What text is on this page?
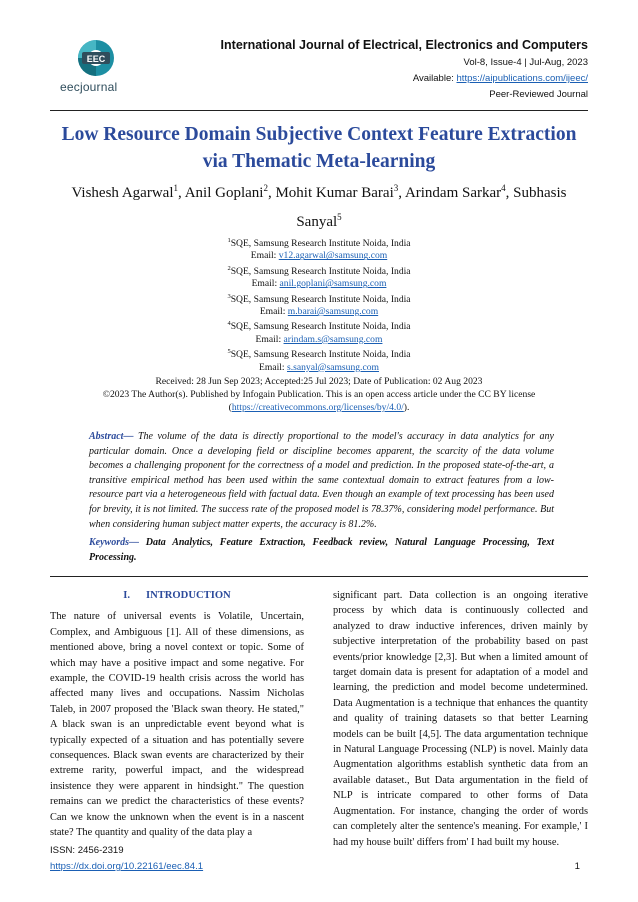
EEC
eecjournal
International Journal of Electrical, Electronics and Computers
Vol-8, Issue-4 | Jul-Aug, 2023
Available: https://aipublications.com/ijeec/
Peer-Reviewed Journal
Low Resource Domain Subjective Context Feature Extraction via Thematic Meta-learning
Vishesh Agarwal$^1$, Anil Goplani$^2$, Mohit Kumar Barai$^3$, Arindam Sarkar$^4$, Subhasis Sanyal$^5$
$^1$SQE, Samsung Research Institute Noida, India
Email: v12.agarwal@samsung.com
$^2$SQE, Samsung Research Institute Noida, India
Email: anil.goplani@samsung.com
$^3$SQE, Samsung Research Institute Noida, India
Email: m.barai@samsung.com
$^4$SQE, Samsung Research Institute Noida, India
Email: arindam.s@samsung.com
$^5$SQE, Samsung Research Institute Noida, India
Email: s.sanyal@samsung.com
Received: 28 Jun Sep 2023; Accepted:25 Jul 2023; Date of Publication: 02 Aug 2023
©2023 The Author(s). Published by Infogain Publication. This is an open access article under the CC BY license
(https://creativecommons.org/licenses/by/4.0/).
Abstract— The volume of the data is directly proportional to the model's accuracy in data analytics for any particular domain. Once a developing field or discipline becomes apparent, the scarcity of the data volume becomes a challenging proponent for the correctness of a model and prediction. In the proposed state-of-the-art, a transitive empirical method has been used within the same contextual domain to extract features from a low-resource part via a heterogeneous field with factual data. Even though an example of text processing has been used for brevity, it is not limited. The success rate of the proposed model is 78.37%, considering model performance. But when considering human subject matter experts, the accuracy is 81.2%.
Keywords— Data Analytics, Feature Extraction, Feedback review, Natural Language Processing, Text Processing.
I.      INTRODUCTION

The nature of universal events is Volatile, Uncertain, Complex, and Ambiguous [1]. All of these dimensions, as mentioned above, bring a novel context or topic. Some of which may have a positive impact and some negative. For example, the COVID-19 health crisis across the world has affected many lives and occupations. Nassim Nicholas Taleb, in 2007 proposed the 'Black swan theory. He stated," A black swan is an unpredictable event beyond what is typically expected of a situation and has potentially severe consequences. Black swan events are characterized by their extreme rarity, powerful impact, and the widespread insistence they were apparent in hindsight." The question remains can we predict the characteristics of these events? Can we know the unknown when the event is in a nascent state? The quantity and quality of the data play a

significant part. Data collection is an ongoing iterative process by which data is continuously collected and analyzed to draw inductive inferences, driven mainly by subjective interpretation of the probability based on past events/prior knowledge [2,3]. But when a limited amount of target domain data is present for adaptation of a model and learning, the prediction and model become undetermined. Data Augmentation is a technique that enhances the quantity and quality of training datasets so that better Learning models can be built [4,5]. The data argumentation technique in Natural Language Processing (NLP) is novel. Mainly data Augmentation algorithms establish synthetic data from an available dataset., But Data argumentation in the field of NLP is intricate compared to other forms of Data Augmentation. For instance, changing the order of words can completely alter the sentence's meaning. For example,' I had my house built' differs from' I had built my house.

ISSN: 2456-2319
https://dx.doi.org/10.22161/eec.84.1	1
